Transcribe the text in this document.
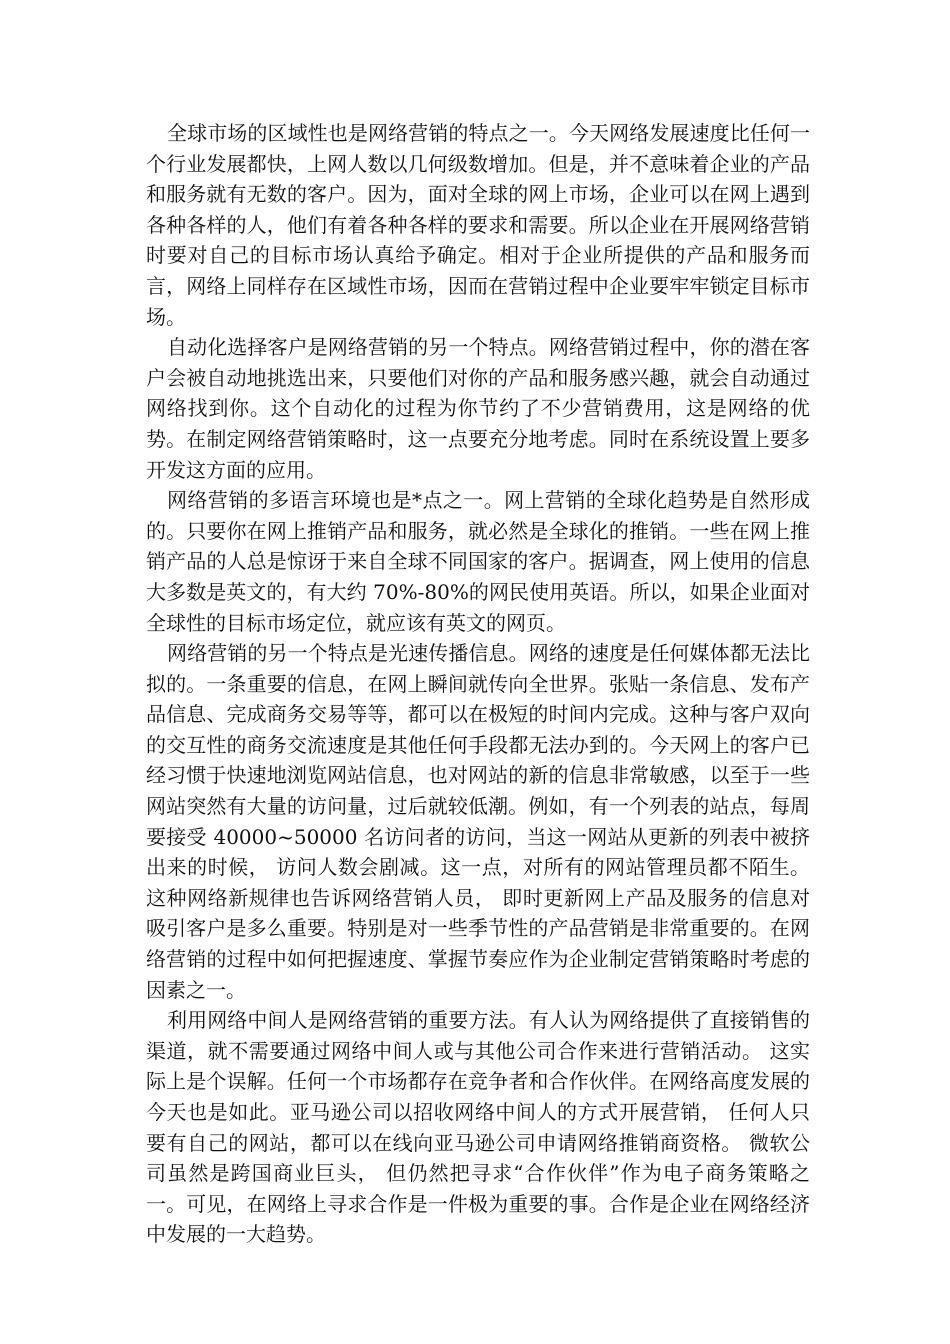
全球市场的区域性也是网络营销的特点之一。今天网络发展速度比任何一个行业发展都快，上网人数以几何级数增加。但是，并不意味着企业的产品和服务就有无数的客户。因为，面对全球的网上市场，企业可以在网上遇到各种各样的人，他们有着各种各样的要求和需要。所以企业在开展网络营销时要对自己的目标市场认真给予确定。相对于企业所提供的产品和服务而言，网络上同样存在区域性市场，因而在营销过程中企业要牢牢锁定目标市场。

自动化选择客户是网络营销的另一个特点。网络营销过程中，你的潜在客户会被自动地挑选出来，只要他们对你的产品和服务感兴趣，就会自动通过网络找到你。这个自动化的过程为你节约了不少营销费用，这是网络的优势。在制定网络营销策略时，这一点要充分地考虑。同时在系统设置上要多开发这方面的应用。

网络营销的多语言环境也是*点之一。网上营销的全球化趋势是自然形成的。只要你在网上推销产品和服务，就必然是全球化的推销。一些在网上推销产品的人总是惊讶于来自全球不同国家的客户。据调查，网上使用的信息大多数是英文的，有大约 70%-80%的网民使用英语。所以，如果企业面对全球性的目标市场定位，就应该有英文的网页。

网络营销的另一个特点是光速传播信息。网络的速度是任何媒体都无法比拟的。一条重要的信息，在网上瞬间就传向全世界。张贴一条信息、发布产品信息、完成商务交易等等，都可以在极短的时间内完成。这种与客户双向的交互性的商务交流速度是其他任何手段都无法办到的。今天网上的客户已经习惯于快速地浏览网站信息，也对网站的新的信息非常敏感，以至于一些网站突然有大量的访问量，过后就较低潮。例如，有一个列表的站点，每周要接受 40000~50000 名访问者的访问，当这一网站从更新的列表中被挤出来的时候， 访问人数会剧减。这一点，对所有的网站管理员都不陌生。这种网络新规律也告诉网络营销人员， 即时更新网上产品及服务的信息对吸引客户是多么重要。特别是对一些季节性的产品营销是非常重要的。在网络营销的过程中如何把握速度、掌握节奏应作为企业制定营销策略时考虑的因素之一。

利用网络中间人是网络营销的重要方法。有人认为网络提供了直接销售的渠道，就不需要通过网络中间人或与其他公司合作来进行营销活动。 这实际上是个误解。任何一个市场都存在竞争者和合作伙伴。在网络高度发展的今天也是如此。亚马逊公司以招收网络中间人的方式开展营销， 任何人只要有自己的网站，都可以在线向亚马逊公司申请网络推销商资格。 微软公司虽然是跨国商业巨头， 但仍然把寻求“合作伙伴”作为电子商务策略之一。可见，在网络上寻求合作是一件极为重要的事。合作是企业在网络经济中发展的一大趋势。
